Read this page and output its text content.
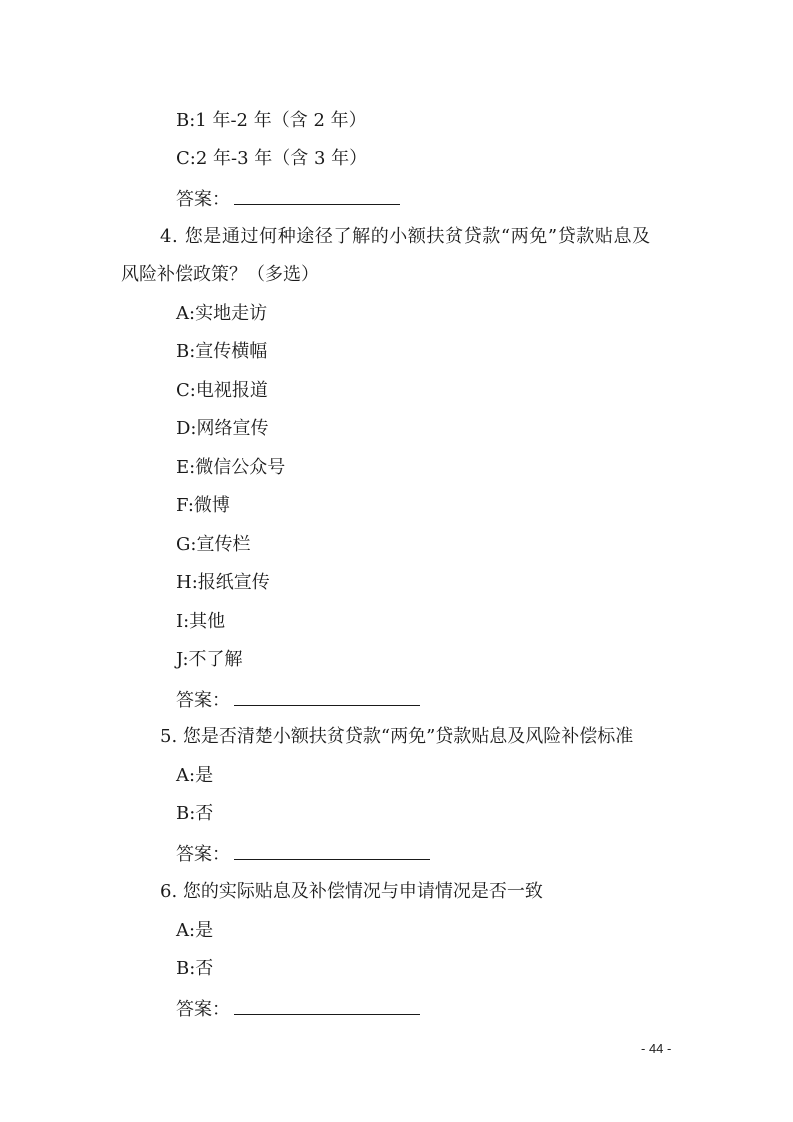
B:1 年-2 年（含 2 年）
C:2 年-3 年（含 3 年）
答案：
4. 您是通过何种途径了解的小额扶贫贷款“两免”贷款贴息及
风险补偿政策？（多选）
A:实地走访
B:宣传横幅
C:电视报道
D:网络宣传
E:微信公众号
F:微博
G:宣传栏
H:报纸宣传
I:其他
J:不了解
答案：
5. 您是否清楚小额扶贫贷款“两免”贷款贴息及风险补偿标准
A:是
B:否
答案：
6. 您的实际贴息及补偿情况与申请情况是否一致
A:是
B:否
答案：
- 44 -
